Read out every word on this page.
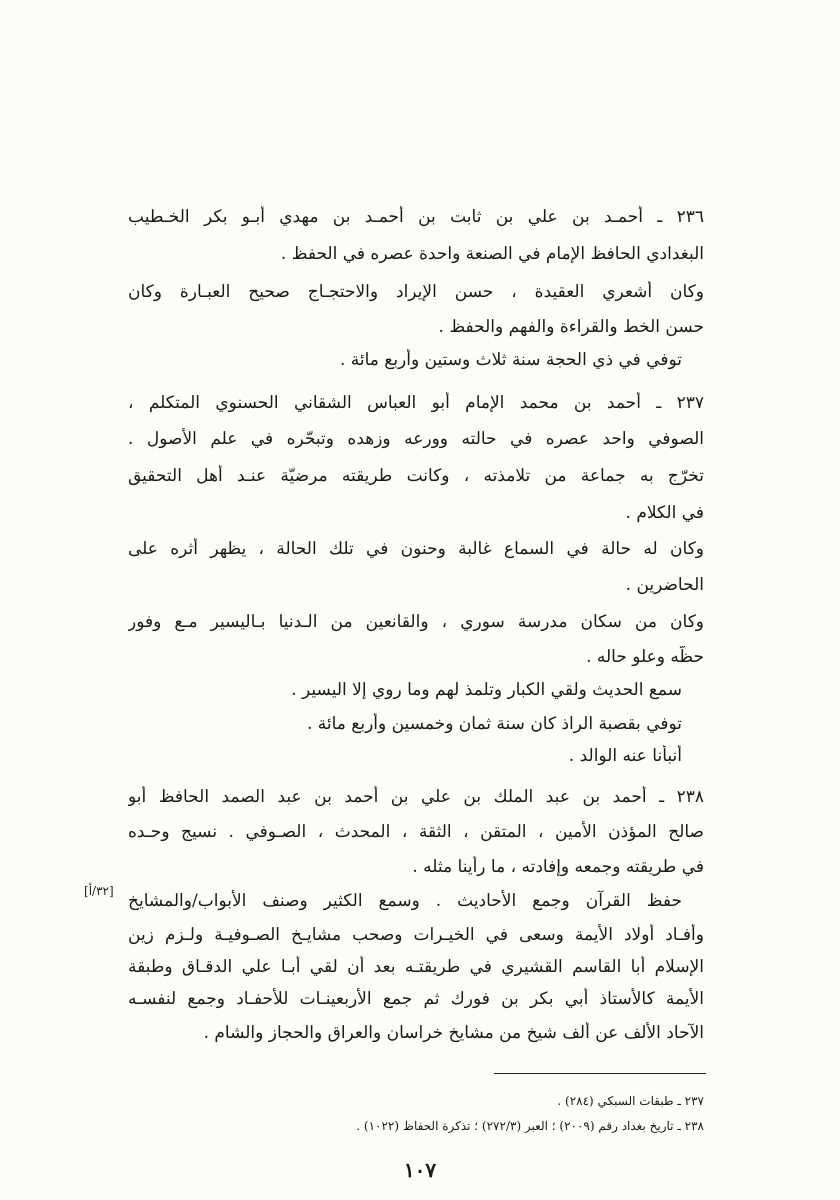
٢٣٦ ـ أحمـد بن علي بن ثابت بن أحمـد بن مهدي أبـو بكر الخـطيب
البغدادي الحافظ الإمام في الصنعة واحدة عصره في الحفظ .
وكان أشعري العقيدة ، حسن الإيراد والاحتجـاج صحيح العبـارة وكان
حسن الخط والقراءة والفهم والحفظ .
توفي في ذي الحجة سنة ثلاث وستين وأربع مائة .
٢٣٧ ـ أحمد بن محمد الإمام أبو العباس الشقاني الحسنوي المتكلم ،
الصوفي واحد عصره في حالته وورعه وزهده وتبحّره في علم الأصول .
تخرّج به جماعة من تلامذته ، وكانت طريقته مرضيّة عنـد أهل التحقيق
في الكلام .
وكان له حالة في السماع غالبة وحنون في تلك الحالة ، يظهر أثره على
الحاضرين .
وكان من سكان مدرسة سوري ، والقانعين من الـدنيا بـاليسير مـع وفور
حظّه وعلو حاله .
سمع الحديث ولقي الكبار وتلمذ لهم وما روي إلا اليسير .
توفي بقصبة الراذ كان سنة ثمان وخمسين وأربع مائة .
أنبأنا عنه الوالد .
٢٣٨ ـ أحمد بن عبد الملك بن علي بن أحمد بن عبد الصمد الحافظ أبو
صالح المؤذن الأمين ، المتقن ، الثقة ، المحدث ، الصـوفي . نسيج وحـده
في طريقته وجمعه وإفادته ، ما رأينا مثله .
حفظ القرآن وجمع الأحاديث . وسمع الكثير وصنف الأبواب/والمشايخ
وأفـاد أولاد الأيمة وسعى في الخيـرات وصحب مشايـخ الصـوفيـة ولـزم زين
الإسلام أبا القاسم القشيري في طريقتـه بعد أن لقي أبـا علي الدقـاق وطبقة
الأيمة كالأستاذ أبي بكر بن فورك ثم جمع الأربعينـات للأحفـاد وجمع لنفسـه
الآحاد الألف عن ألف شيخ من مشايخ خراسان والعراق والحجاز والشام .
[٣٢/أ]
٢٣٧ ـ طبقات السبكي (٢٨٤) .
٢٣٨ ـ تاريخ بغداد رقم (٢٠٠٩) ؛ العبر (٢٧٢/٣) ؛ تذكرة الحفاظ (١٠٢٢) .
١٠٧
